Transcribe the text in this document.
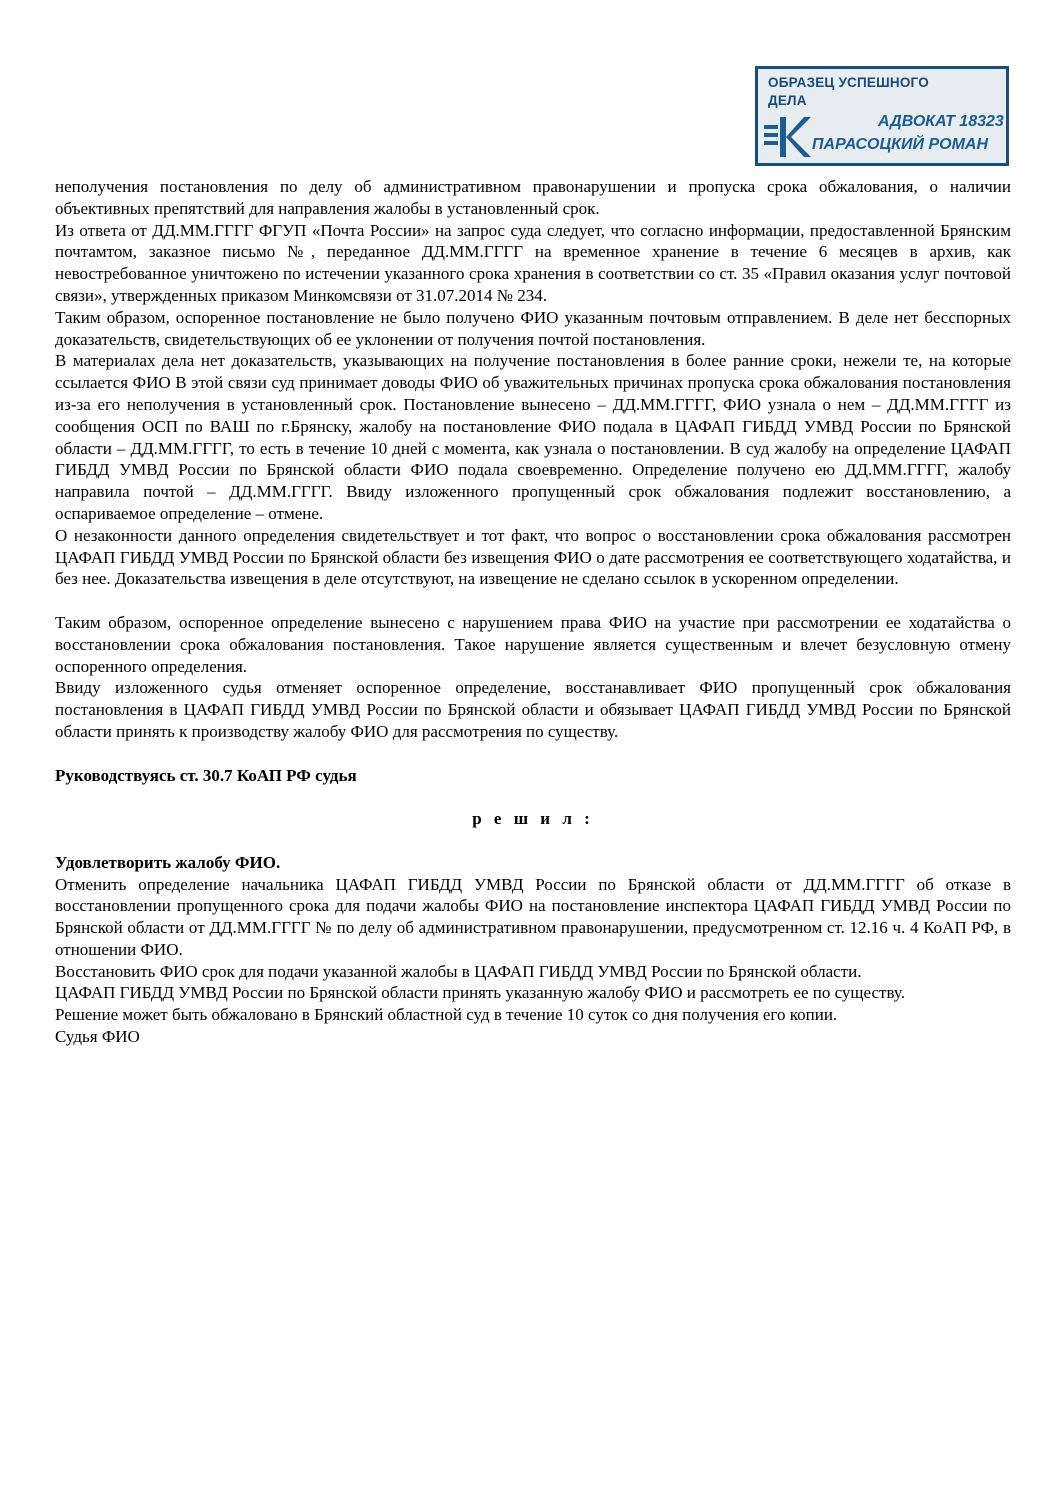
ОБРАЗЕЦ УСПЕШНОГО
ДЕЛА
АДВОКАТ 18323
ПАРАСОЦКИЙ РОМАН

неполучения постановления по делу об административном правонарушении и пропуска срока обжалования, о наличии объективных препятствий для направления жалобы в установленный срок.

Из ответа от ДД.ММ.ГГГГ ФГУП «Почта России» на запрос суда следует, что согласно информации, предоставленной Брянским почтамтом, заказное письмо №, переданное ДД.ММ.ГГГГ на временное хранение в течение 6 месяцев в архив, как невостребованное уничтожено по истечении указанного срока хранения в соответствии со ст. 35 «Правил оказания услуг почтовой связи», утвержденных приказом Минкомсвязи от 31.07.2014 № 234.

Таким образом, оспоренное постановление не было получено ФИО указанным почтовым отправлением. В деле нет бесспорных доказательств, свидетельствующих об ее уклонении от получения почтой постановления.

В материалах дела нет доказательств, указывающих на получение постановления в более ранние сроки, нежели те, на которые ссылается ФИО В этой связи суд принимает доводы ФИО об уважительных причинах пропуска срока обжалования постановления из-за его неполучения в установленный срок. Постановление вынесено – ДД.ММ.ГГГГ, ФИО узнала о нем – ДД.ММ.ГГГГ из сообщения ОСП по ВАШ по г.Брянску, жалобу на постановление ФИО подала в ЦАФАП ГИБДД УМВД России по Брянской области – ДД.ММ.ГГГГ, то есть в течение 10 дней с момента, как узнала о постановлении. В суд жалобу на определение ЦАФАП ГИБДД УМВД России по Брянской области ФИО подала своевременно. Определение получено ею ДД.ММ.ГГГГ, жалобу направила почтой – ДД.ММ.ГГГГ. Ввиду изложенного пропущенный срок обжалования подлежит восстановлению, а оспариваемое определение – отмене.

О незаконности данного определения свидетельствует и тот факт, что вопрос о восстановлении срока обжалования рассмотрен ЦАФАП ГИБДД УМВД России по Брянской области без извещения ФИО о дате рассмотрения ее соответствующего ходатайства, и без нее. Доказательства извещения в деле отсутствуют, на извещение не сделано ссылок в ускоренном определении.

Таким образом, оспоренное определение вынесено с нарушением права ФИО на участие при рассмотрении ее ходатайства о восстановлении срока обжалования постановления. Такое нарушение является существенным и влечет безусловную отмену оспоренного определения.

Ввиду изложенного судья отменяет оспоренное определение, восстанавливает ФИО пропущенный срок обжалования постановления в ЦАФАП ГИБДД УМВД России по Брянской области и обязывает ЦАФАП ГИБДД УМВД России по Брянской области принять к производству жалобу ФИО для рассмотрения по существу.

Руководствуясь ст. 30.7 КоАП РФ судья

р е ш и л :

Удовлетворить жалобу ФИО.

Отменить определение начальника ЦАФАП ГИБДД УМВД России по Брянской области от ДД.ММ.ГГГГ об отказе в восстановлении пропущенного срока для подачи жалобы ФИО на постановление инспектора ЦАФАП ГИБДД УМВД России по Брянской области от ДД.ММ.ГГГГ № по делу об административном правонарушении, предусмотренном ст. 12.16 ч. 4 КоАП РФ, в отношении ФИО.

Восстановить ФИО срок для подачи указанной жалобы в ЦАФАП ГИБДД УМВД России по Брянской области.

ЦАФАП ГИБДД УМВД России по Брянской области принять указанную жалобу ФИО и рассмотреть ее по существу.

Решение может быть обжаловано в Брянский областной суд в течение 10 суток со дня получения его копии.

Судья ФИО
